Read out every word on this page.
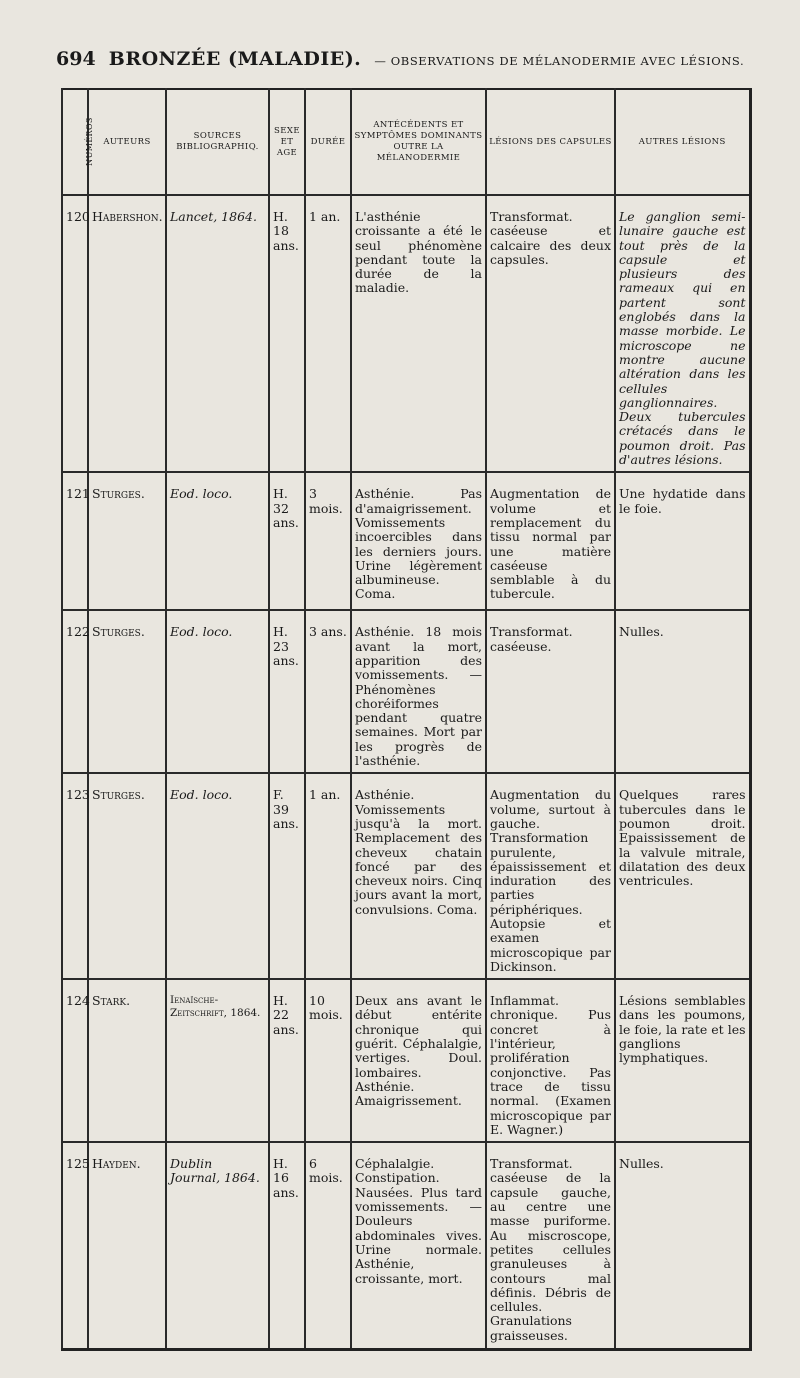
694 BRONZÉE (MALADIE). — OBSERVATIONS DE MÉLANODERMIE AVEC LÉSIONS.
NUMÉROS	AUTEURS	SOURCES BIBLIOGRAPHIQ.	SEXE ET AGE	DURÉE	ANTÉCÉDENTS ET SYMPTÔMES DOMINANTS OUTRE LA MÉLANODERMIE	LÉSIONS DES CAPSULES	AUTRES LÉSIONS
120	Habershon.	Lancet, 1864.	H. 18 ans.	1 an.	L'asthénie croissante a été le seul phénomène pendant toute la durée de la maladie.	Transformat. caséeuse et calcaire des deux capsules.	Le ganglion semi-lunaire gauche est tout près de la capsule et plusieurs des rameaux qui en partent sont englobés dans la masse morbide. Le microscope ne montre aucune altération dans les cellules ganglionnaires. Deux tubercules crétacés dans le poumon droit. Pas d'autres lésions.
121	Sturges.	Eod. loco.	H. 32 ans.	3 mois.	Asthénie. Pas d'amaigrissement. Vomissements incoercibles dans les derniers jours. Urine légèrement albumineuse. Coma.	Augmentation de volume et remplacement du tissu normal par une matière caséeuse semblable à du tubercule.	Une hydatide dans le foie.
122	Sturges.	Eod. loco.	H. 23 ans.	3 ans.	Asthénie. 18 mois avant la mort, apparition des vomissements. — Phénomènes choréiformes pendant quatre semaines. Mort par les progrès de l'asthénie.	Transformat. caséeuse.	Nulles.
123	Sturges.	Eod. loco.	F. 39 ans.	1 an.	Asthénie. Vomissements jusqu'à la mort. Remplacement des cheveux chatain foncé par des cheveux noirs. Cinq jours avant la mort, convulsions. Coma.	Augmentation du volume, surtout à gauche. Transformation purulente, épaississement et induration des parties périphériques. Autopsie et examen microscopique par Dickinson.	Quelques rares tubercules dans le poumon droit. Epaississement de la valvule mitrale, dilatation des deux ventricules.
124	Stark.	Ienaïsche-Zeitschrift, 1864.	H. 22 ans.	10 mois.	Deux ans avant le début entérite chronique qui guérit. Céphalalgie, vertiges. Doul. lombaires. Asthénie. Amaigrissement.	Inflammat. chronique. Pus concret à l'intérieur, prolifération conjonctive. Pas trace de tissu normal. (Examen microscopique par E. Wagner.)	Lésions semblables dans les poumons, le foie, la rate et les ganglions lymphatiques.
125	Hayden.	Dublin Journal, 1864.	H. 16 ans.	6 mois.	Céphalalgie. Constipation. Nausées. Plus tard vomissements. — Douleurs abdominales vives. Urine normale. Asthénie, croissante, mort.	Transformat. caséeuse de la capsule gauche, au centre une masse puriforme. Au miscroscope, petites cellules granuleuses à contours mal définis. Débris de cellules. Granulations graisseuses.	Nulles.
